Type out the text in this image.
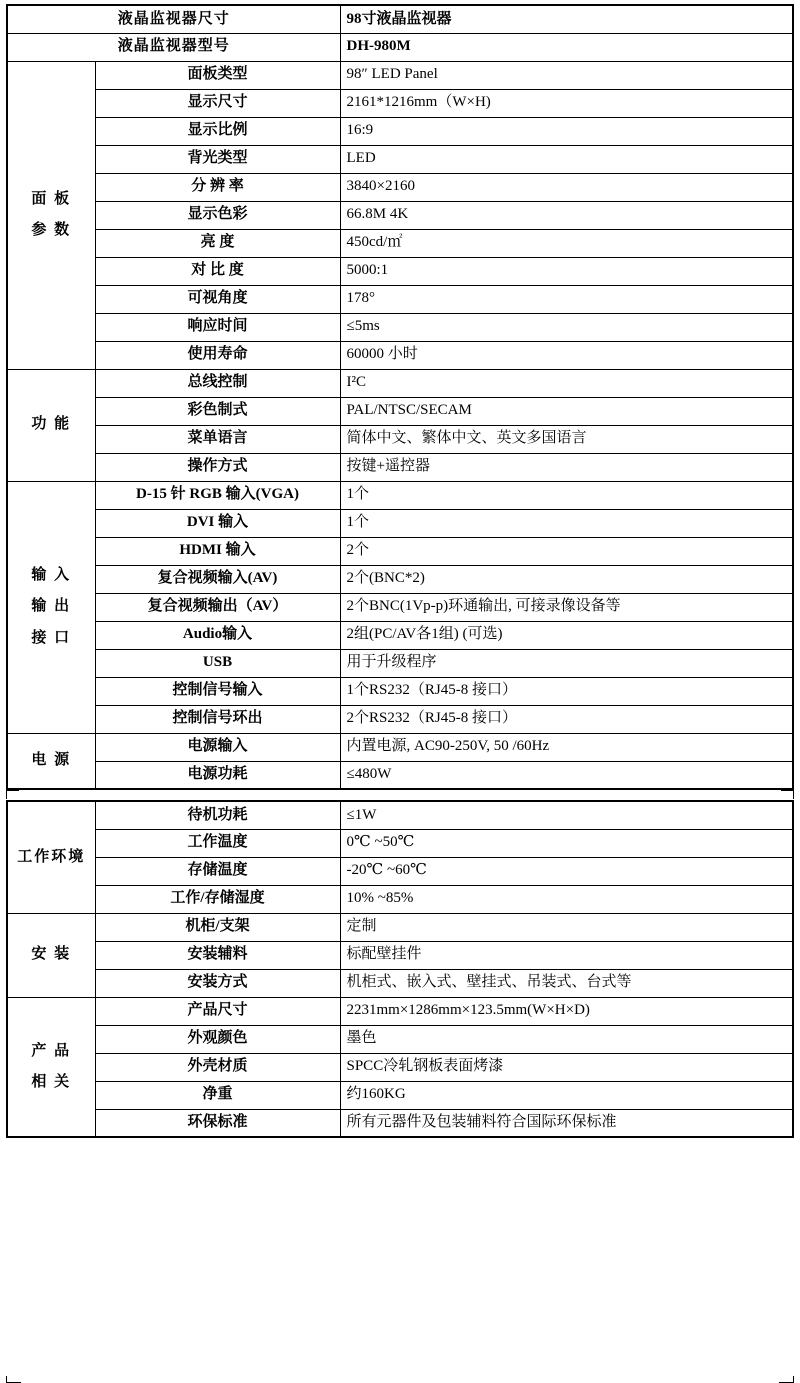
液晶监视器尺寸		98寸液晶监视器
液晶监视器型号		DH-980M

面 板
参 数	面板类型	98″ LED Panel
	显示尺寸	2161*1216mm（W×H)
	显示比例	16:9
	背光类型	LED
	分 辨 率	3840×2160
	显示色彩	66.8M 4K
	亮 度	450cd/㎡
	对 比 度	5000:1
	可视角度	178°
	响应时间	≤5ms
	使用寿命	60000 小时

功 能	总线控制	I²C
	彩色制式	PAL/NTSC/SECAM
	菜单语言	简体中文、繁体中文、英文多国语言
	操作方式	按键+遥控器

输 入
输 出
接 口	D-15 针 RGB 输入(VGA)	1个
	DVI 输入	1个
	HDMI 输入	2个
	复合视频输入(AV)	2个(BNC*2)
	复合视频输出（AV）	2个BNC(1Vp-p)环通输出, 可接录像设备等
	Audio输入	2组(PC/AV各1组) (可选)
	USB	用于升级程序
	控制信号输入	1个RS232（RJ45-8 接口）
	控制信号环出	2个RS232（RJ45-8 接口）

电 源	电源输入	内置电源, AC90-250V, 50 /60Hz
	电源功耗	≤480W
工作环境	待机功耗	≤1W
	工作温度	0℃ ~50℃
	存储温度	-20℃ ~60℃
	工作/存储湿度	10% ~85%

安 装	机柜/支架	定制
	安装辅料	标配壁挂件
	安装方式	机柜式、嵌入式、壁挂式、吊装式、台式等

产 品
相 关	产品尺寸	2231mm×1286mm×123.5mm(W×H×D)
	外观颜色	墨色
	外壳材质	SPCC冷轧钢板表面烤漆
	净重	约160KG
	环保标准	所有元器件及包装辅料符合国际环保标准
